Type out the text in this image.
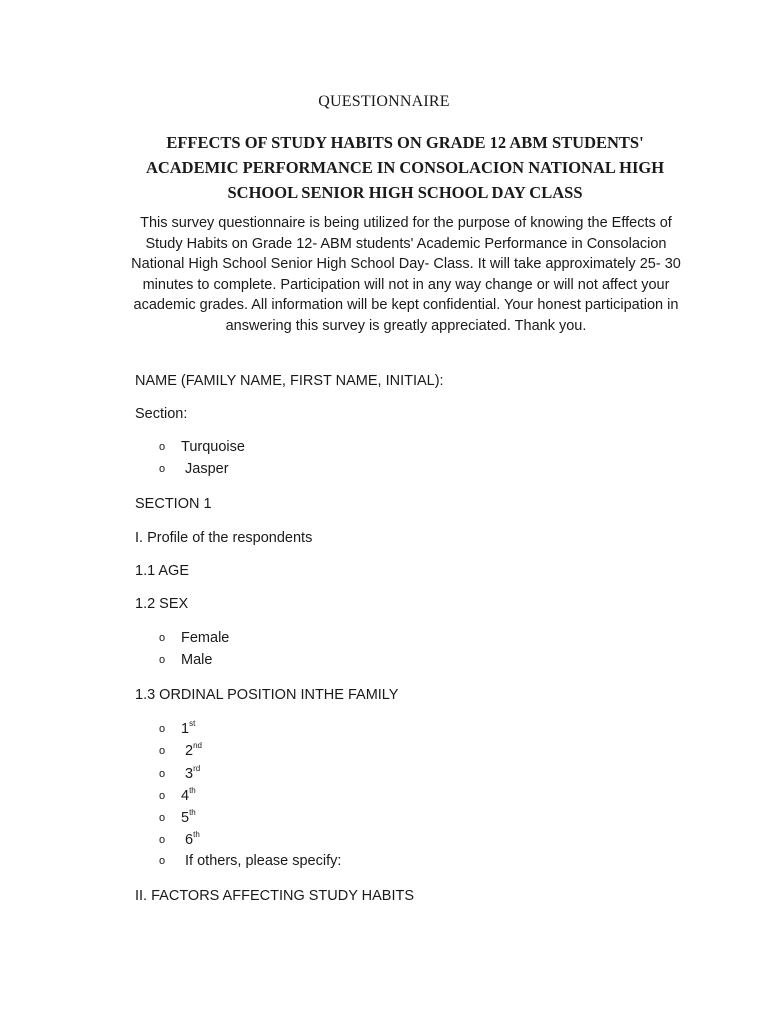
QUESTIONNAIRE

EFFECTS OF STUDY HABITS ON GRADE 12 ABM STUDENTS' ACADEMIC PERFORMANCE IN CONSOLACION NATIONAL HIGH SCHOOL SENIOR HIGH SCHOOL DAY CLASS

This survey questionnaire is being utilized for the purpose of knowing the Effects of Study Habits on Grade 12- ABM students' Academic Performance in Consolacion National High School Senior High School Day- Class. It will take approximately 25- 30 minutes to complete. Participation will not in any way change or will not affect your academic grades. All information will be kept confidential. Your honest participation in answering this survey is greatly appreciated. Thank you.

NAME (FAMILY NAME, FIRST NAME, INITIAL):

Section:

o Turquoise
o Jasper

SECTION 1

I. Profile of the respondents

1.1 AGE

1.2 SEX

o Female
o Male

1.3 ORDINAL POSITION INTHE FAMILY

o 1st
o 2nd
o 3rd
o 4th
o 5th
o 6th
o If others, please specify:

II. FACTORS AFFECTING STUDY HABITS
